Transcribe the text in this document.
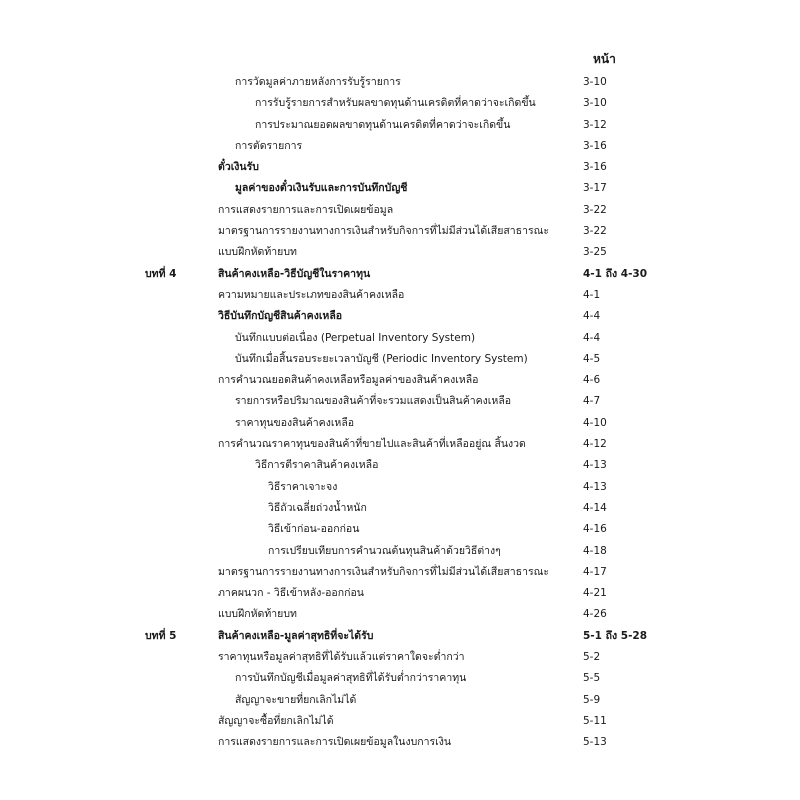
หน้า
การวัดมูลค่าภายหลังการรับรู้รายการ	3-10
การรับรู้รายการสำหรับผลขาดทุนด้านเครดิตที่คาดว่าจะเกิดขึ้น	3-10
การประมาณยอดผลขาดทุนด้านเครดิตที่คาดว่าจะเกิดขึ้น	3-12
การตัดรายการ	3-16
ตั๋วเงินรับ	3-16
มูลค่าของตั๋วเงินรับและการบันทึกบัญชี	3-17
การแสดงรายการและการเปิดเผยข้อมูล	3-22
มาตรฐานการรายงานทางการเงินสำหรับกิจการที่ไม่มีส่วนได้เสียสาธารณะ	3-22
แบบฝึกหัดท้ายบท	3-25
บทที่ 4	สินค้าคงเหลือ-วิธีบัญชีในราคาทุน	4-1 ถึง 4-30
ความหมายและประเภทของสินค้าคงเหลือ	4-1
วิธีบันทึกบัญชีสินค้าคงเหลือ	4-4
บันทึกแบบต่อเนื่อง (Perpetual Inventory System)	4-4
บันทึกเมื่อสิ้นรอบระยะเวลาบัญชี (Periodic Inventory System)	4-5
การคำนวณยอดสินค้าคงเหลือหรือมูลค่าของสินค้าคงเหลือ	4-6
รายการหรือปริมาณของสินค้าที่จะรวมแสดงเป็นสินค้าคงเหลือ	4-7
ราคาทุนของสินค้าคงเหลือ	4-10
การคำนวณราคาทุนของสินค้าที่ขายไปและสินค้าที่เหลืออยู่ณ สิ้นงวด	4-12
วิธีการตีราคาสินค้าคงเหลือ	4-13
วิธีราคาเจาะจง	4-13
วิธีถัวเฉลี่ยถ่วงน้ำหนัก	4-14
วิธีเข้าก่อน-ออกก่อน	4-16
การเปรียบเทียบการคำนวณต้นทุนสินค้าด้วยวิธีต่างๆ	4-18
มาตรฐานการรายงานทางการเงินสำหรับกิจการที่ไม่มีส่วนได้เสียสาธารณะ	4-17
ภาคผนวก - วิธีเข้าหลัง-ออกก่อน	4-21
แบบฝึกหัดท้ายบท	4-26
บทที่ 5	สินค้าคงเหลือ-มูลค่าสุทธิที่จะได้รับ	5-1 ถึง 5-28
ราคาทุนหรือมูลค่าสุทธิที่ได้รับแล้วแต่ราคาใดจะต่ำกว่า	5-2
การบันทึกบัญชีเมื่อมูลค่าสุทธิที่ได้รับต่ำกว่าราคาทุน	5-5
สัญญาจะขายที่ยกเลิกไม่ได้	5-9
สัญญาจะซื้อที่ยกเลิกไม่ได้	5-11
การแสดงรายการและการเปิดเผยข้อมูลในงบการเงิน	5-13
